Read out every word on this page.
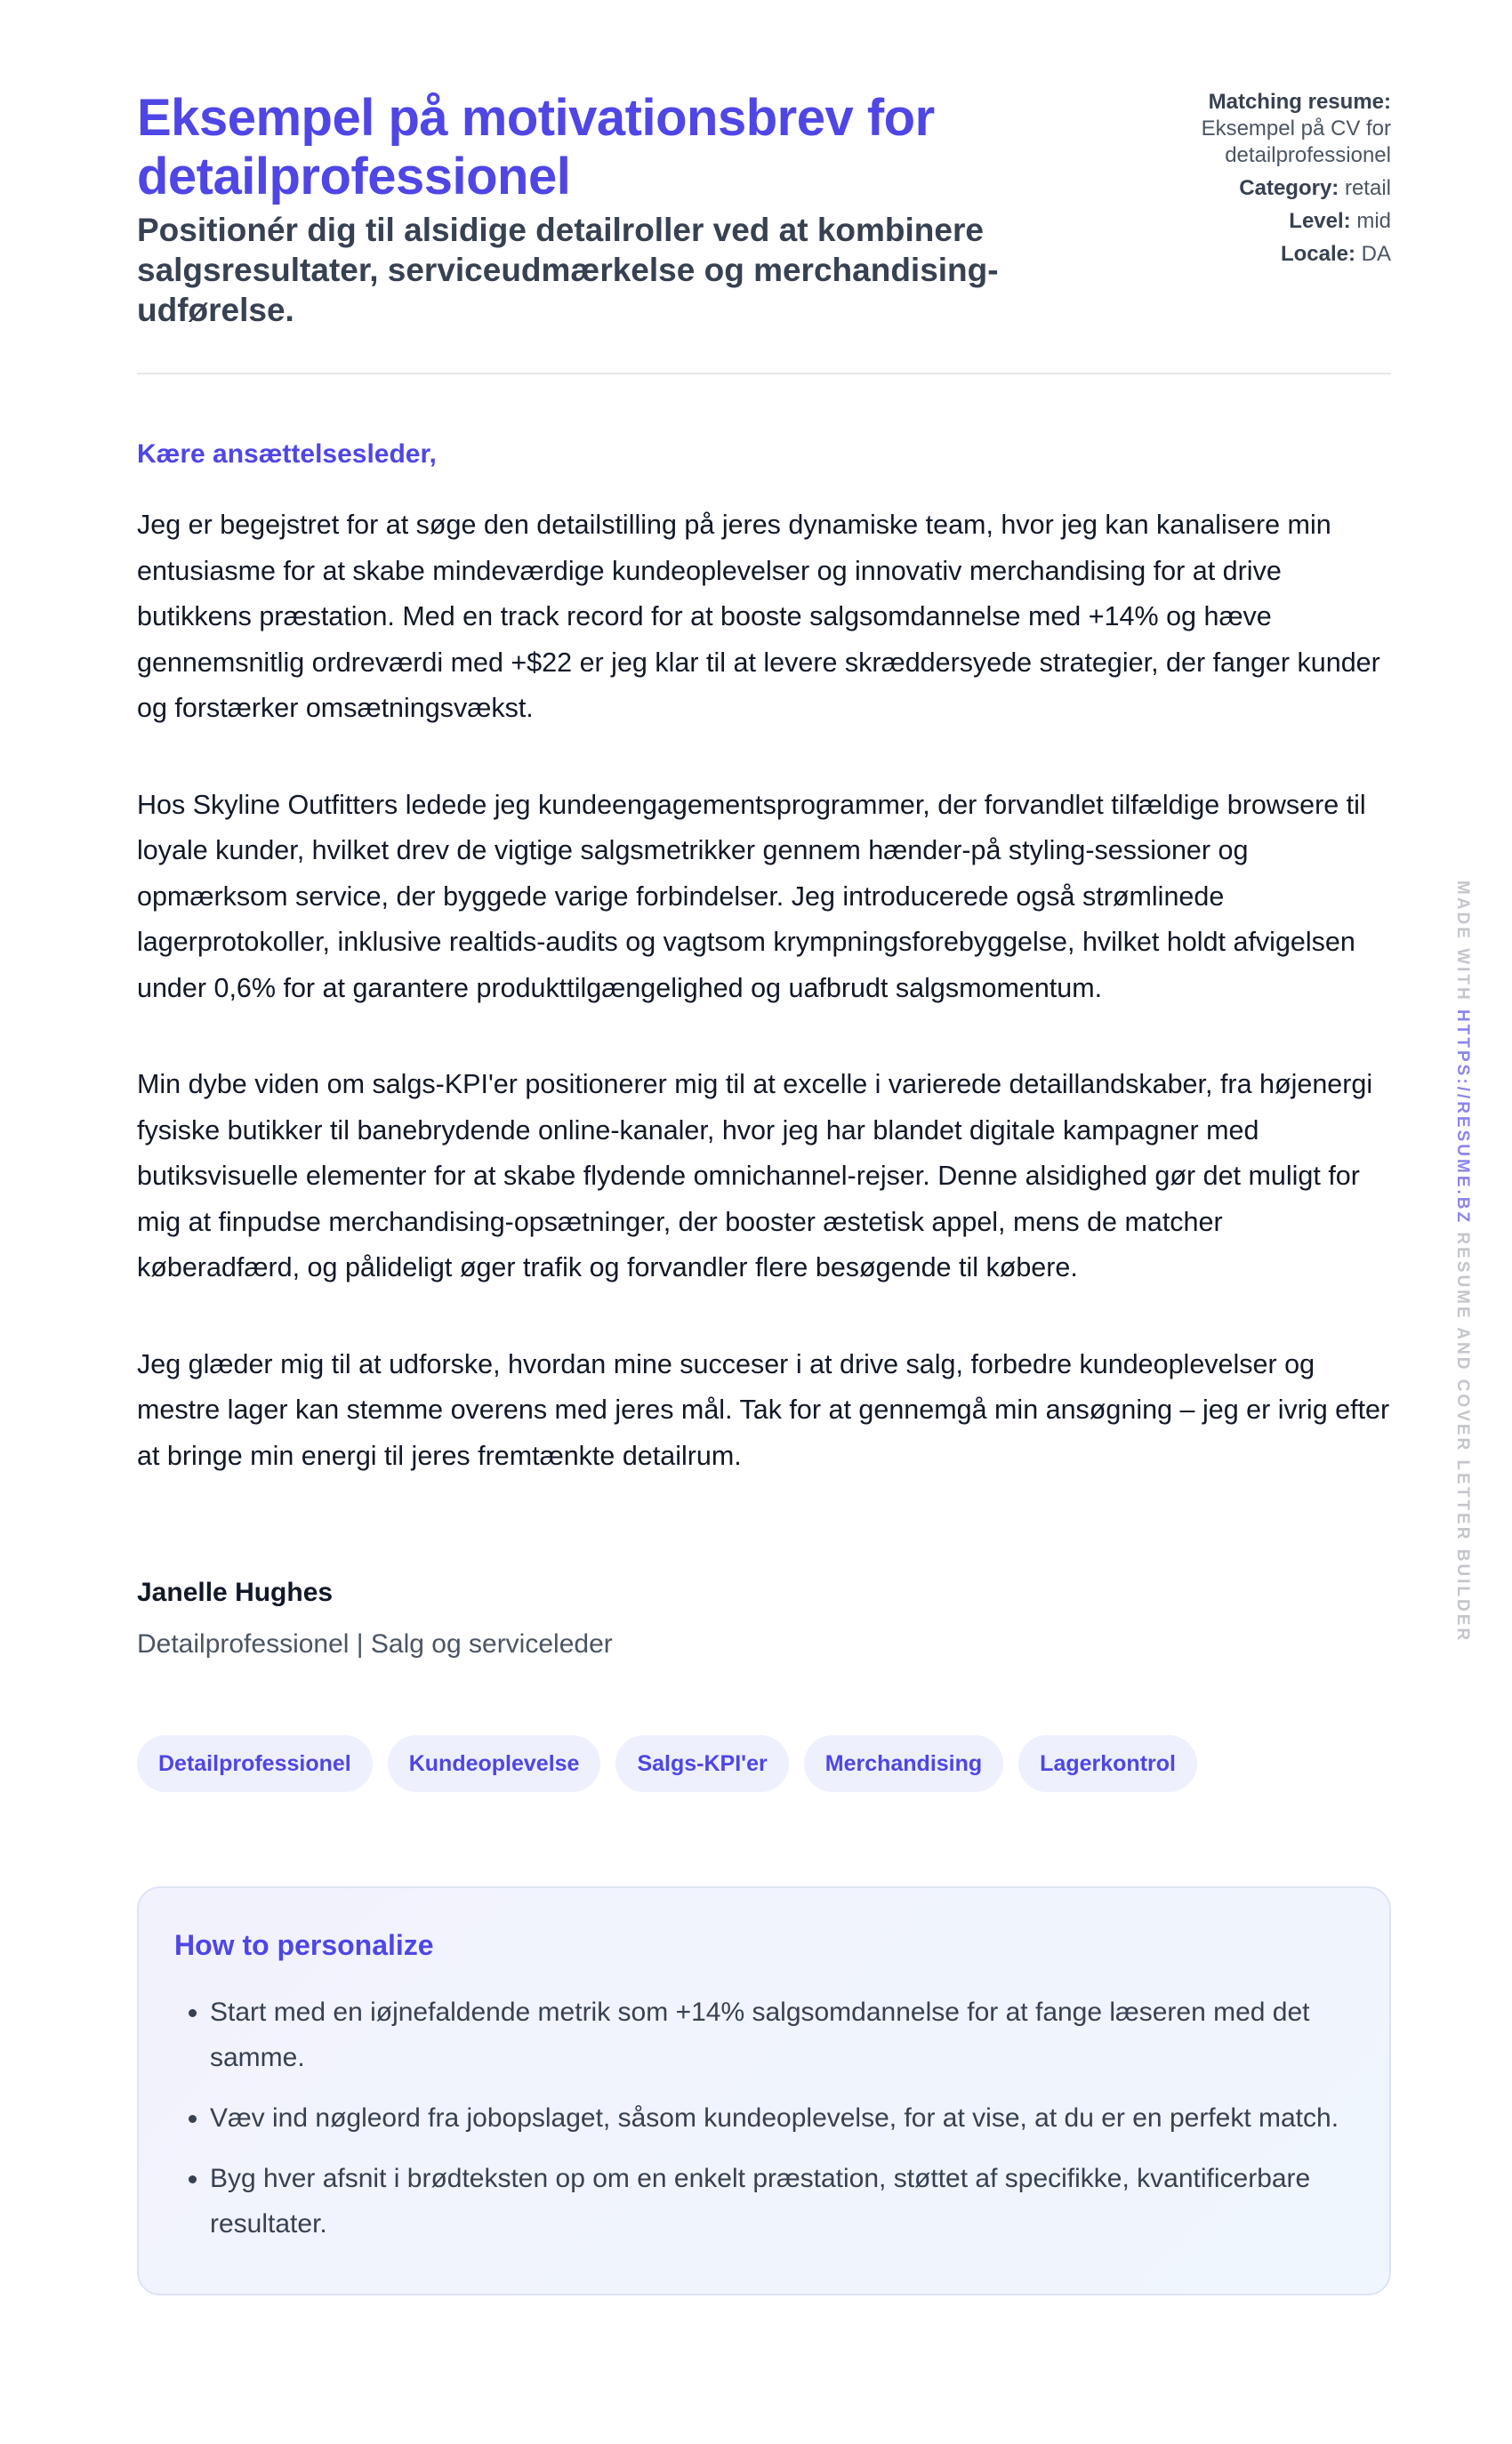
Eksempel på motivationsbrev for detailprofessionel

Positionér dig til alsidige detailroller ved at kombinere salgsresultater, serviceudmærkelse og merchandising-udførelse.

Matching resume:
Eksempel på CV for detailprofessionel
Category: retail
Level: mid
Locale: DA
Kære ansættelsesleder,
Jeg er begejstret for at søge den detailstilling på jeres dynamiske team, hvor jeg kan kanalisere min entusiasme for at skabe mindeværdige kundeoplevelser og innovativ merchandising for at drive butikkens præstation. Med en track record for at booste salgsomdannelse med +14% og hæve gennemsnitlig ordreværdi med +$22 er jeg klar til at levere skræddersyede strategier, der fanger kunder og forstærker omsætningsvækst.
Hos Skyline Outfitters ledede jeg kundeengagementsprogrammer, der forvandlet tilfældige browsere til loyale kunder, hvilket drev de vigtige salgsmetrikker gennem hænder-på styling-sessioner og opmærksom service, der byggede varige forbindelser. Jeg introducerede også strømlinede lagerprotokoller, inklusive realtids-audits og vagtsom krympningsforebyggelse, hvilket holdt afvigelsen under 0,6% for at garantere produkttilgængelighed og uafbrudt salgsmomentum.
Min dybe viden om salgs-KPI'er positionerer mig til at excelle i varierede detaillandskaber, fra højenergi fysiske butikker til banebrydende online-kanaler, hvor jeg har blandet digitale kampagner med butiksvisuelle elementer for at skabe flydende omnichannel-rejser. Denne alsidighed gør det muligt for mig at finpudse merchandising-opsætninger, der booster æstetisk appel, mens de matcher køberadfærd, og pålideligt øger trafik og forvandler flere besøgende til købere.
Jeg glæder mig til at udforske, hvordan mine succeser i at drive salg, forbedre kundeoplevelser og mestre lager kan stemme overens med jeres mål. Tak for at gennemgå min ansøgning – jeg er ivrig efter at bringe min energi til jeres fremtænkte detailrum.
Janelle Hughes
Detailprofessionel | Salg og serviceleder
Detailprofessionel	Kundeoplevelse	Salgs-KPI'er	Merchandising	Lagerkontrol
How to personalize
• Start med en iøjnefaldende metrik som +14% salgsomdannelse for at fange læseren med det samme.
• Væv ind nøgleord fra jobopslaget, såsom kundeoplevelse, for at vise, at du er en perfekt match.
• Byg hver afsnit i brødteksten op om en enkelt præstation, støttet af specifikke, kvantificerbare resultater.
MADE WITH HTTPS://RESUME.BZ RESUME AND COVER LETTER BUILDER
